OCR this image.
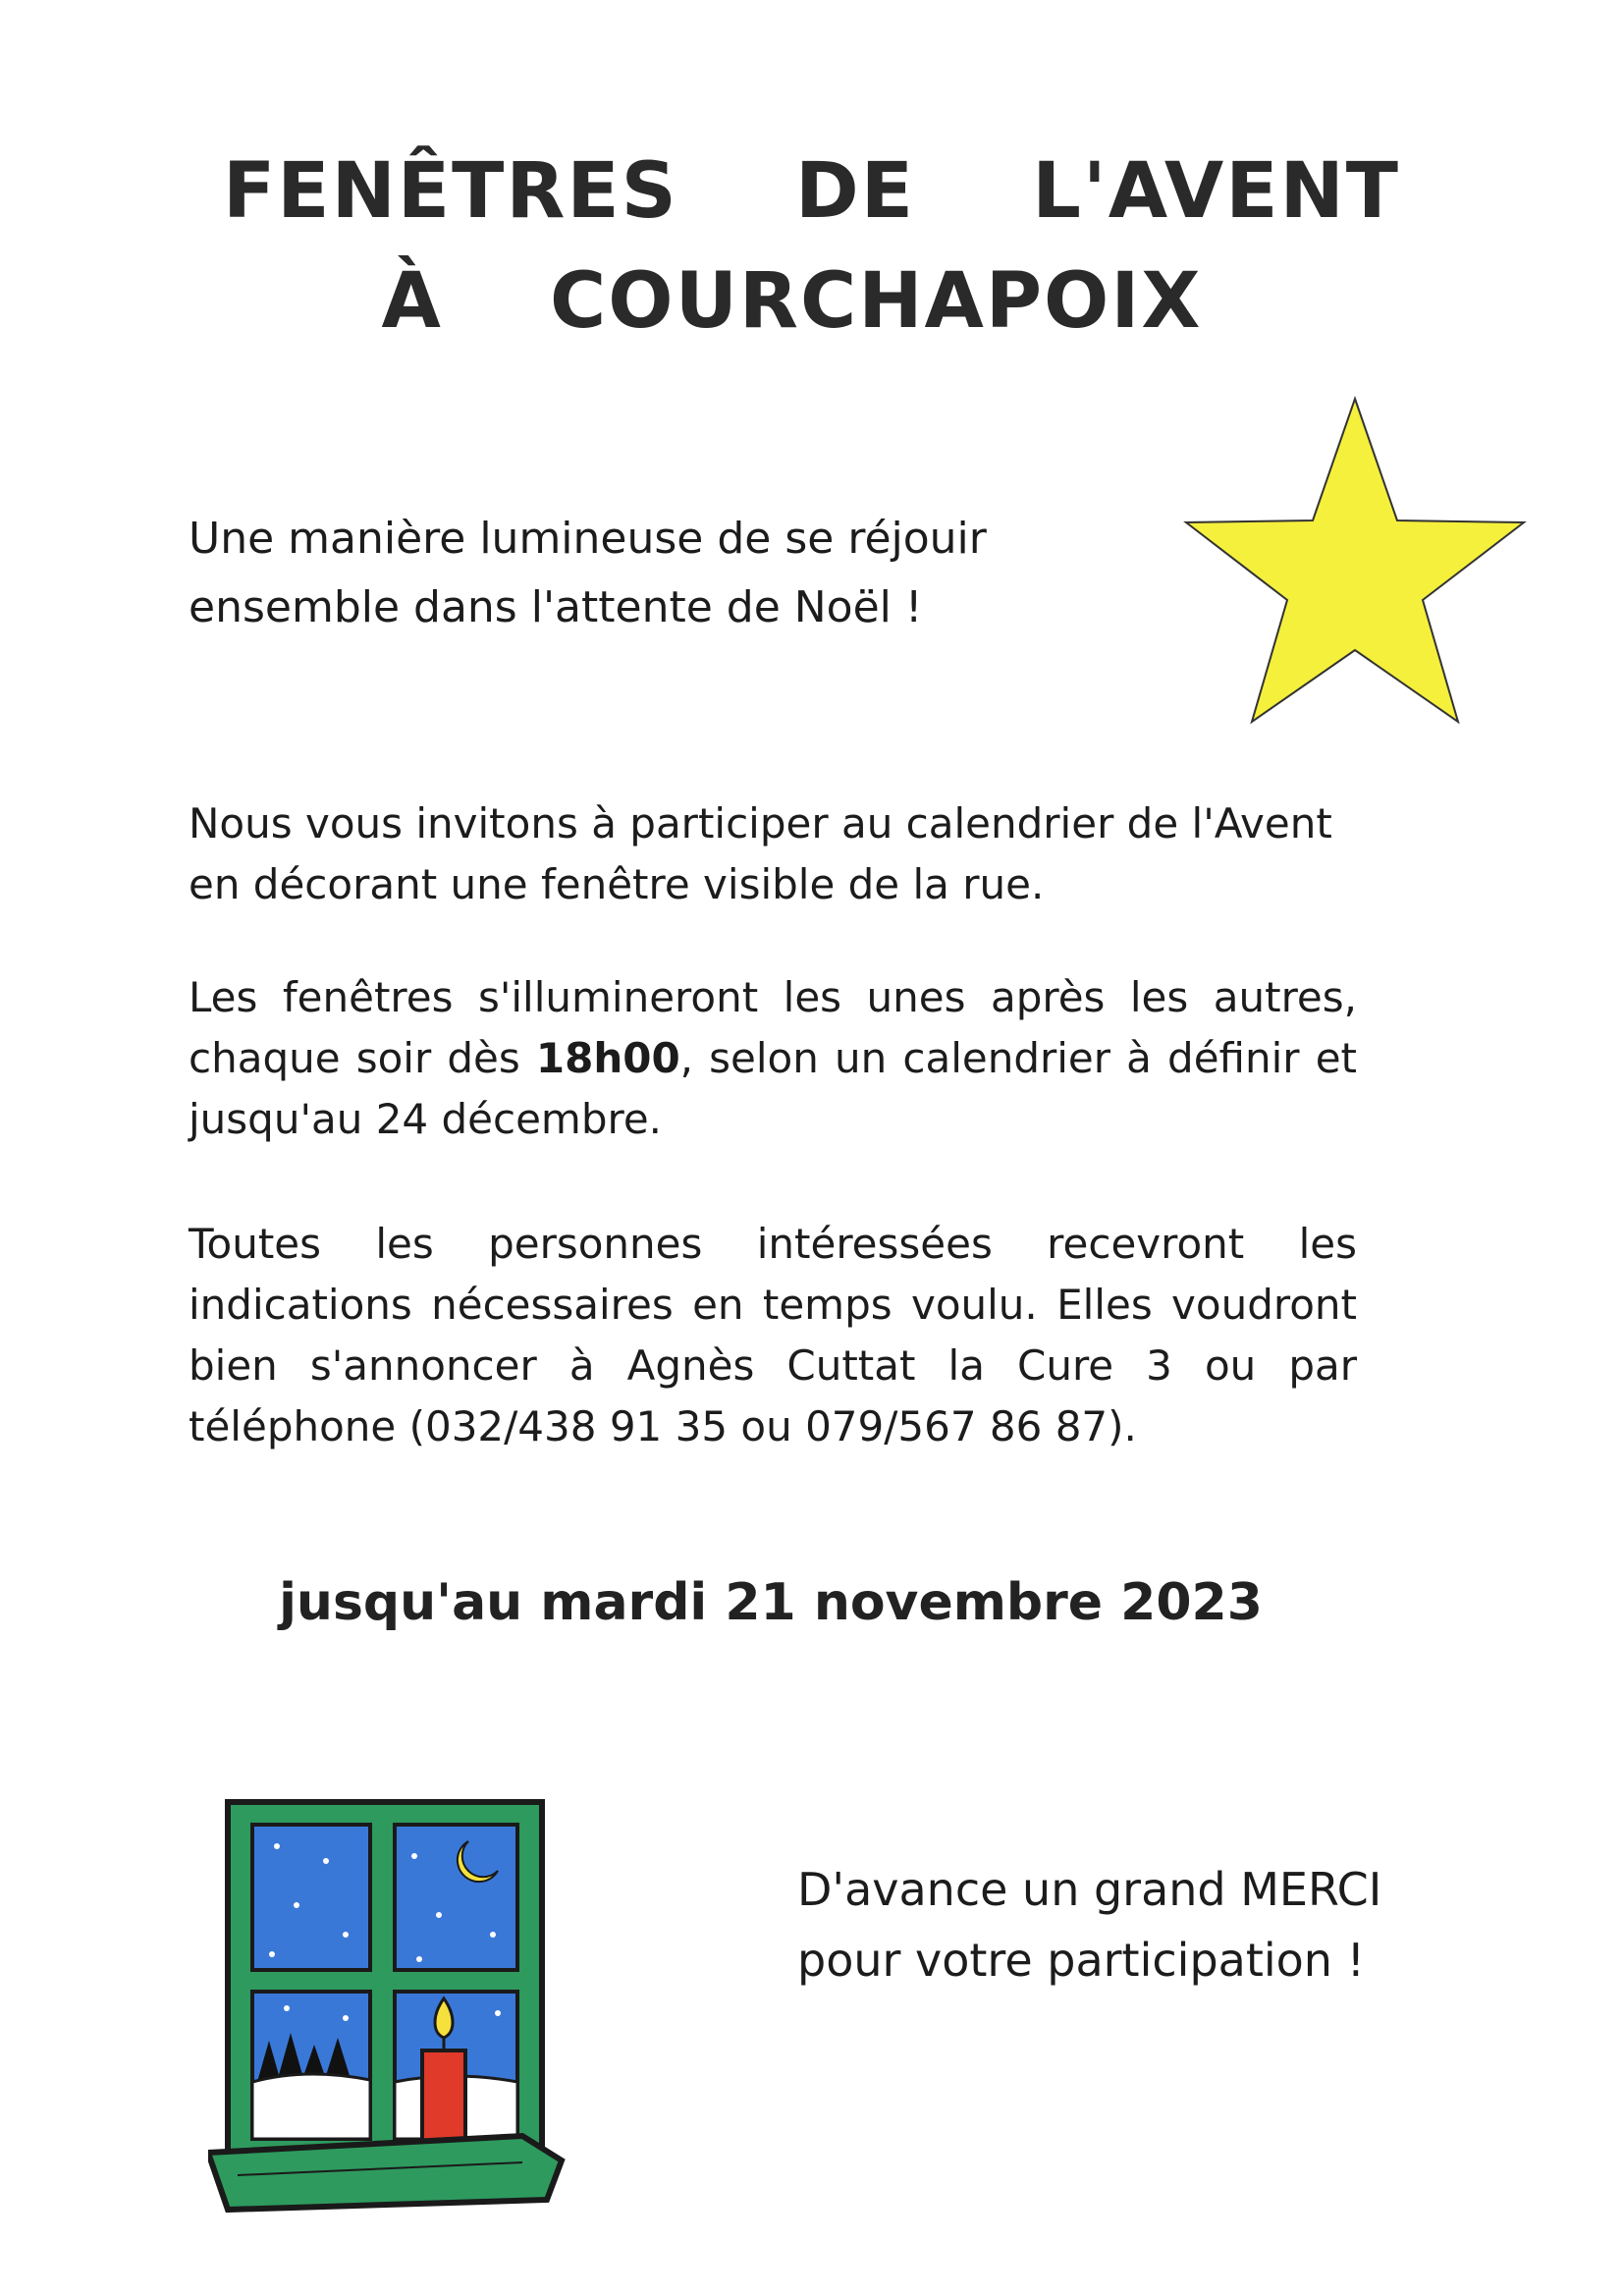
FENÊTRES DE L'AVENT
À COURCHAPOIX
Une manière lumineuse de se réjouir
ensemble dans l'attente de Noël !
Nous vous invitons à participer au calendrier de l'Avent
en décorant une fenêtre visible de la rue.
Les fenêtres s'illumineront les unes après les autres, chaque soir dès 18h00, selon un calendrier à définir et jusqu'au 24 décembre.
Toutes les personnes intéressées recevront les indications nécessaires en temps voulu. Elles voudront bien s'annoncer à Agnès Cuttat la Cure 3 ou par téléphone (032/438 91 35 ou 079/567 86 87).
jusqu'au mardi 21 novembre 2023
D'avance un grand MERCI
pour votre participation !
